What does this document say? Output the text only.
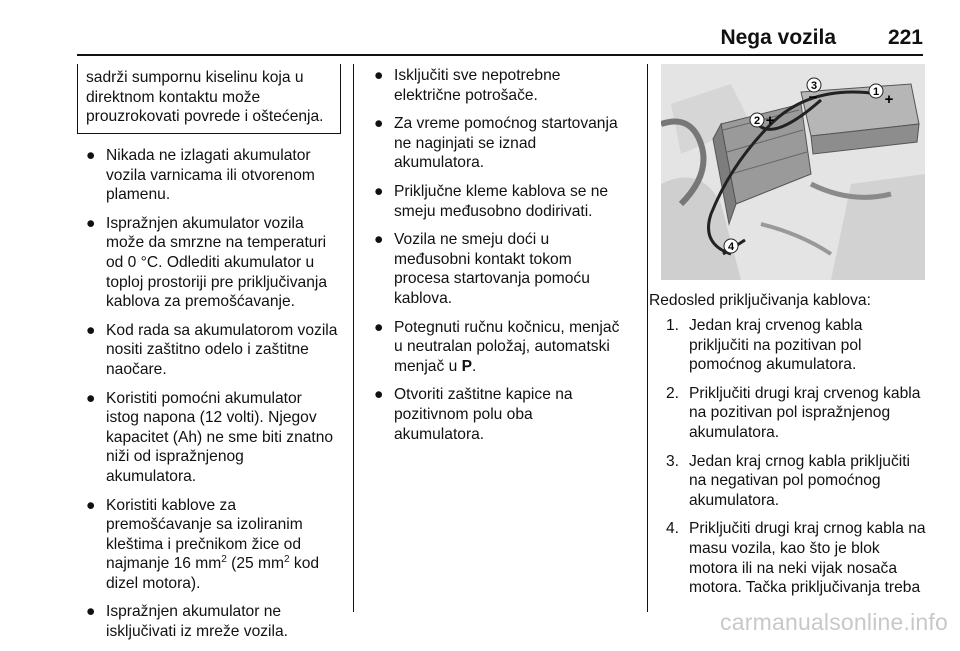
Nega vozila 221
sadrži sumpornu kiselinu koja u
direktnom kontaktu može
prouzrokovati povrede i oštećenja.
● Nikada ne izlagati akumulator
vozila varnicama ili otvorenom
plamenu.
● Ispražnjen akumulator vozila
može da smrzne na temperaturi
od 0 °C. Odlediti akumulator u
toploj prostoriji pre priključivanja
kablova za premošćavanje.
● Kod rada sa akumulatorom vozila
nositi zaštitno odelo i zaštitne
naočare.
● Koristiti pomoćni akumulator
istog napona (12 volti). Njegov
kapacitet (Ah) ne sme biti znatno
niži od ispražnjenog
akumulatora.
● Koristiti kablove za
premošćavanje sa izoliranim
kleštima i prečnikom žice od
najmanje 16 $mm^2$ (25 $mm^2$ kod
dizel motora).
● Ispražnjen akumulator ne
isključivati iz mreže vozila.
● Isključiti sve nepotrebne
električne potrošače.
● Za vreme pomoćnog startovanja
ne naginjati se iznad
akumulatora.
● Priključne kleme kablova se ne
smeju međusobno dodirivati.
● Vozila ne smeju doći u
međusobni kontakt tokom
procesa startovanja pomoću
kablova.
● Potegnuti ručnu kočnicu, menjač
u neutralan položaj, automatski
menjač u P.
● Otvoriti zaštitne kapice na
pozitivnom polu oba
akumulatora.
1 +
3
−
2 +
4
Redosled priključivanja kablova:
1. Jedan kraj crvenog kabla
priključiti na pozitivan pol
pomoćnog akumulatora.
2. Priključiti drugi kraj crvenog kabla
na pozitivan pol ispražnjenog
akumulatora.
3. Jedan kraj crnog kabla priključiti
na negativan pol pomoćnog
akumulatora.
4. Priključiti drugi kraj crnog kabla na
masu vozila, kao što je blok
motora ili na neki vijak nosača
motora. Tačka priključivanja treba
carmanualsonline.info
